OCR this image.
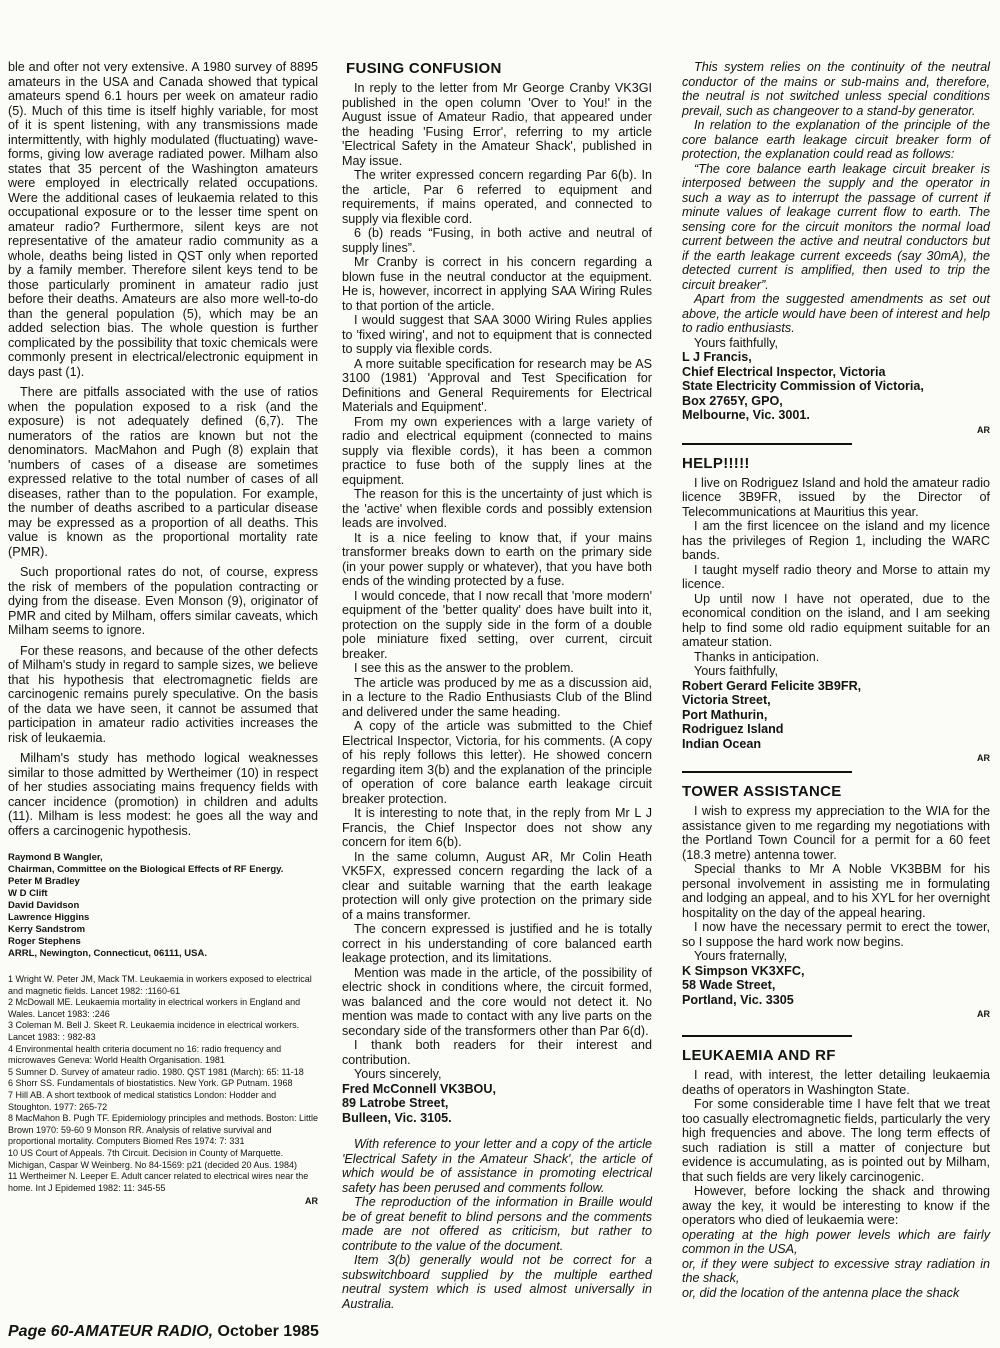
ble and ofter not very extensive. A 1980 survey of 8895 amateurs in the USA and Canada showed that typical amateurs spend 6.1 hours per week on amateur radio (5). Much of this time is itself highly variable, for most of it is spent listening, with any transmissions made intermittently, with highly modulated (fluctuating) wave-forms, giving low average radiated power. Milham also states that 35 percent of the Washington amateurs were employed in electrically related occupations. Were the additional cases of leukaemia related to this occupational exposure or to the lesser time spent on amateur radio? Furthermore, silent keys are not representative of the amateur radio community as a whole, deaths being listed in QST only when reported by a family member. Therefore silent keys tend to be those particularly prominent in amateur radio just before their deaths. Amateurs are also more well-to-do than the general population (5), which may be an added selection bias. The whole question is further complicated by the possibility that toxic chemicals were commonly present in electrical/electronic equipment in days past (1).

There are pitfalls associated with the use of ratios when the population exposed to a risk (and the exposure) is not adequately defined (6,7). The numerators of the ratios are known but not the denominators. MacMahon and Pugh (8) explain that 'numbers of cases of a disease are sometimes expressed relative to the total number of cases of all diseases, rather than to the population. For example, the number of deaths ascribed to a particular disease may be expressed as a proportion of all deaths. This value is known as the proportional mortality rate (PMR).

Such proportional rates do not, of course, express the risk of members of the population contracting or dying from the disease. Even Monson (9), originator of PMR and cited by Milham, offers similar caveats, which Milham seems to ignore.

For these reasons, and because of the other defects of Milham's study in regard to sample sizes, we believe that his hypothesis that electromagnetic fields are carcinogenic remains purely speculative. On the basis of the data we have seen, it cannot be assumed that participation in amateur radio activities increases the risk of leukaemia.

Milham's study has methodo logical weaknesses similar to those admitted by Wertheimer (10) in respect of her studies associating mains frequency fields with cancer incidence (promotion) in children and adults (11). Milham is less modest: he goes all the way and offers a carcinogenic hypothesis.

Raymond B Wangler,
Chairman, Committee on the Biological Effects of RF Energy.
Peter M Bradley
W D Clift
David Davidson
Lawrence Higgins
Kerry Sandstrom
Roger Stephens
ARRL, Newington, Connecticut, 06111, USA.
1 Wright W. Peter JM, Mack TM. Leukaemia in workers exposed to electrical and magnetic fields. Lancet 1982: :1160-61
2 McDowall ME. Leukaemia mortality in electrical workers in England and Wales. Lancet 1983: :246
3 Coleman M. Bell J. Skeet R. Leukaemia incidence in electrical workers. Lancet 1983: : 982-83
4 Environmental health criteria document no 16: radio frequency and microwaves Geneva: World Health Organisation. 1981
5 Sumner D. Survey of amateur radio. 1980. QST 1981 (March): 65: 11-18
6 Shorr SS. Fundamentals of biostatistics. New York. GP Putnam. 1968
7 Hill AB. A short textbook of medical statistics London: Hodder and Stoughton. 1977: 265-72
8 MacMahon B. Pugh TF. Epidemiology principles and methods. Boston: Little Brown 1970: 59-60 9 Monson RR. Analysis of relative survival and proportional mortality. Computers Biomed Res 1974: 7: 331
10 US Court of Appeals. 7th Circuit. Decision in County of Marquette. Michigan, Caspar W Weinberg. No 84-1569: p21 (decided 20 Aus. 1984)
11 Wertheimer N. Leeper E. Adult cancer related to electrical wires near the home. Int J Epidemed 1982: 11: 345-55
AR
FUSING CONFUSION

In reply to the letter from Mr George Cranby VK3GI published in the open column 'Over to You!' in the August issue of Amateur Radio, that appeared under the heading 'Fusing Error', referring to my article 'Electrical Safety in the Amateur Shack', published in May issue.

The writer expressed concern regarding Par 6(b). In the article, Par 6 referred to equipment and requirements, if mains operated, and connected to supply via flexible cord.

6 (b) reads “Fusing, in both active and neutral of supply lines”.

Mr Cranby is correct in his concern regarding a blown fuse in the neutral conductor at the equipment. He is, however, incorrect in applying SAA Wiring Rules to that portion of the article.

I would suggest that SAA 3000 Wiring Rules applies to 'fixed wiring', and not to equipment that is connected to supply via flexible cords.

A more suitable specification for research may be AS 3100 (1981) 'Approval and Test Specification for Definitions and General Requirements for Electrical Materials and Equipment'.

From my own experiences with a large variety of radio and electrical equipment (connected to mains supply via flexible cords), it has been a common practice to fuse both of the supply lines at the equipment.

The reason for this is the uncertainty of just which is the 'active' when flexible cords and possibly extension leads are involved.

It is a nice feeling to know that, if your mains transformer breaks down to earth on the primary side (in your power supply or whatever), that you have both ends of the winding protected by a fuse.

I would concede, that I now recall that 'more modern' equipment of the 'better quality' does have built into it, protection on the supply side in the form of a double pole miniature fixed setting, over current, circuit breaker.

I see this as the answer to the problem.

The article was produced by me as a discussion aid, in a lecture to the Radio Enthusiasts Club of the Blind and delivered under the same heading.

A copy of the article was submitted to the Chief Electrical Inspector, Victoria, for his comments. (A copy of his reply follows this letter). He showed concern regarding item 3(b) and the explanation of the principle of operation of core balance earth leakage circuit breaker protection.

It is interesting to note that, in the reply from Mr L J Francis, the Chief Inspector does not show any concern for item 6(b).

In the same column, August AR, Mr Colin Heath VK5FX, expressed concern regarding the lack of a clear and suitable warning that the earth leakage protection will only give protection on the primary side of a mains transformer.

The concern expressed is justified and he is totally correct in his understanding of core balanced earth leakage protection, and its limitations.

Mention was made in the article, of the possibility of electric shock in conditions where, the circuit formed, was balanced and the core would not detect it. No mention was made to contact with any live parts on the secondary side of the transformers other than Par 6(d).

I thank both readers for their interest and contribution.

Yours sincerely,

Fred McConnell VK3BOU,
89 Latrobe Street,
Bulleen, Vic. 3105.

With reference to your letter and a copy of the article 'Electrical Safety in the Amateur Shack', the article of which would be of assistance in promoting electrical safety has been perused and comments follow.

The reproduction of the information in Braille would be of great benefit to blind persons and the comments made are not offered as criticism, but rather to contribute to the value of the document.

Item 3(b) generally would not be correct for a subswitchboard supplied by the multiple earthed neutral system which is used almost universally in Australia.

This system relies on the continuity of the neutral conductor of the mains or sub-mains and, therefore, the neutral is not switched unless special conditions prevail, such as changeover to a stand-by generator.

In relation to the explanation of the principle of the core balance earth leakage circuit breaker form of protection, the explanation could read as follows:

“The core balance earth leakage circuit breaker is interposed between the supply and the operator in such a way as to interrupt the passage of current if minute values of leakage current flow to earth. The sensing core for the circuit monitors the normal load current between the active and neutral conductors but if the earth leakage current exceeds (say 30mA), the detected current is amplified, then used to trip the circuit breaker”.

Apart from the suggested amendments as set out above, the article would have been of interest and help to radio enthusiasts.

Yours faithfully,

L J Francis,
Chief Electrical Inspector, Victoria
State Electricity Commission of Victoria,
Box 2765Y, GPO,
Melbourne, Vic. 3001.
AR
HELP!!!!!

I live on Rodriguez Island and hold the amateur radio licence 3B9FR, issued by the Director of Telecommunications at Mauritius this year.

I am the first licencee on the island and my licence has the privileges of Region 1, including the WARC bands.

I taught myself radio theory and Morse to attain my licence.

Up until now I have not operated, due to the economical condition on the island, and I am seeking help to find some old radio equipment suitable for an amateur station.

Thanks in anticipation.

Yours faithfully,

Robert Gerard Felicite 3B9FR,
Victoria Street,
Port Mathurin,
Rodriguez Island
Indian Ocean
AR
TOWER ASSISTANCE

I wish to express my appreciation to the WIA for the assistance given to me regarding my negotiations with the Portland Town Council for a permit for a 60 feet (18.3 metre) antenna tower.

Special thanks to Mr A Noble VK3BBM for his personal involvement in assisting me in formulating and lodging an appeal, and to his XYL for her overnight hospitality on the day of the appeal hearing.

I now have the necessary permit to erect the tower, so I suppose the hard work now begins.

Yours fraternally,

K Simpson VK3XFC,
58 Wade Street,
Portland, Vic. 3305
AR
LEUKAEMIA AND RF

I read, with interest, the letter detailing leukaemia deaths of operators in Washington State.

For some considerable time I have felt that we treat too casually electromagnetic fields, particularly the very high frequencies and above. The long term effects of such radiation is still a matter of conjecture but evidence is accumulating, as is pointed out by Milham, that such fields are very likely carcinogenic.

However, before locking the shack and throwing away the key, it would be interesting to know if the operators who died of leukaemia were:

operating at the high power levels which are fairly common in the USA,

or, if they were subject to excessive stray radiation in the shack,

or, did the location of the antenna place the shack

Page 60-AMATEUR RADIO, October 1985
